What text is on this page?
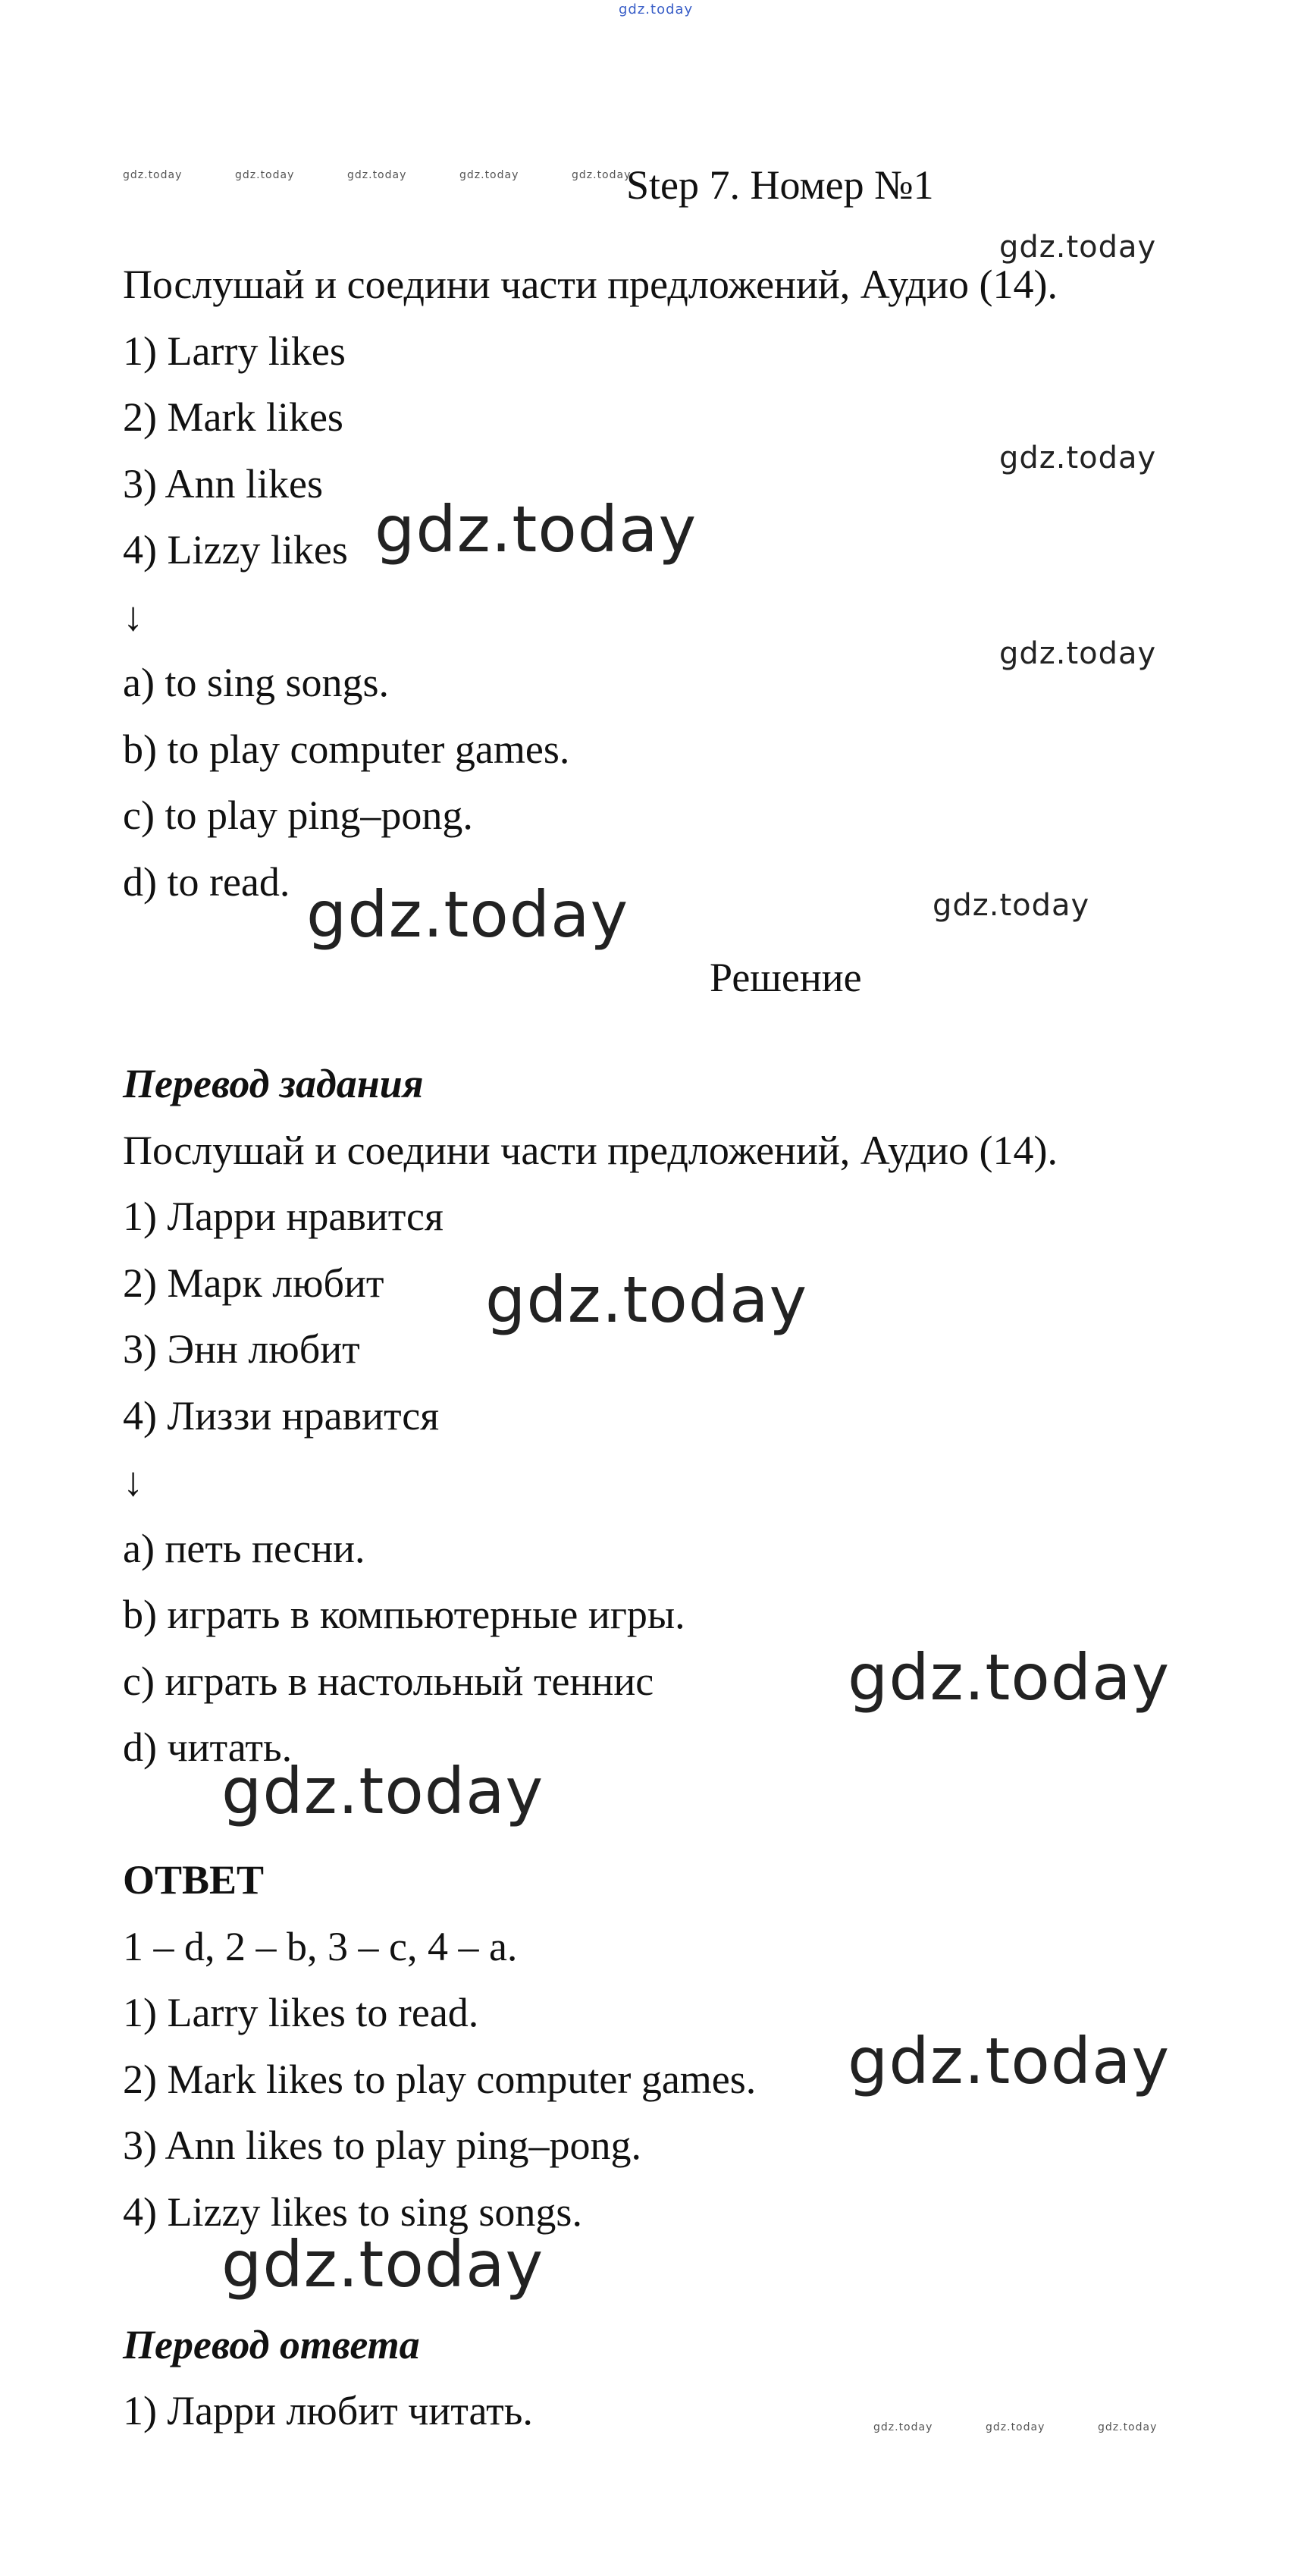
gdz.today
gdz.today	gdz.today	gdz.today	gdz.today	gdz.today
gdz.today
gdz.today
gdz.today
gdz.today
gdz.today	gdz.today
gdz.today
gdz.today
gdz.today
gdz.today
gdz.today
gdz.today	gdz.today	gdz.today
Step 7. Номер №1
Послушай и соедини части предложений, Аудио (14).
1) Larry likes
2) Mark likes
3) Ann likes
4) Lizzy likes
↓
a) to sing songs.
b) to play computer games.
c) to play ping–pong.
d) to read.
Решение
Перевод задания
Послушай и соедини части предложений, Аудио (14).
1) Ларри нравится
2) Марк любит
3) Энн любит
4) Лиззи нравится
↓
a) петь песни.
b) играть в компьютерные игры.
c) играть в настольный теннис
d) читать.
ОТВЕТ
1 – d, 2 – b, 3 – c, 4 – a.
1) Larry likes to read.
2) Mark likes to play computer games.
3) Ann likes to play ping–pong.
4) Lizzy likes to sing songs.
Перевод ответа
1) Ларри любит читать.
